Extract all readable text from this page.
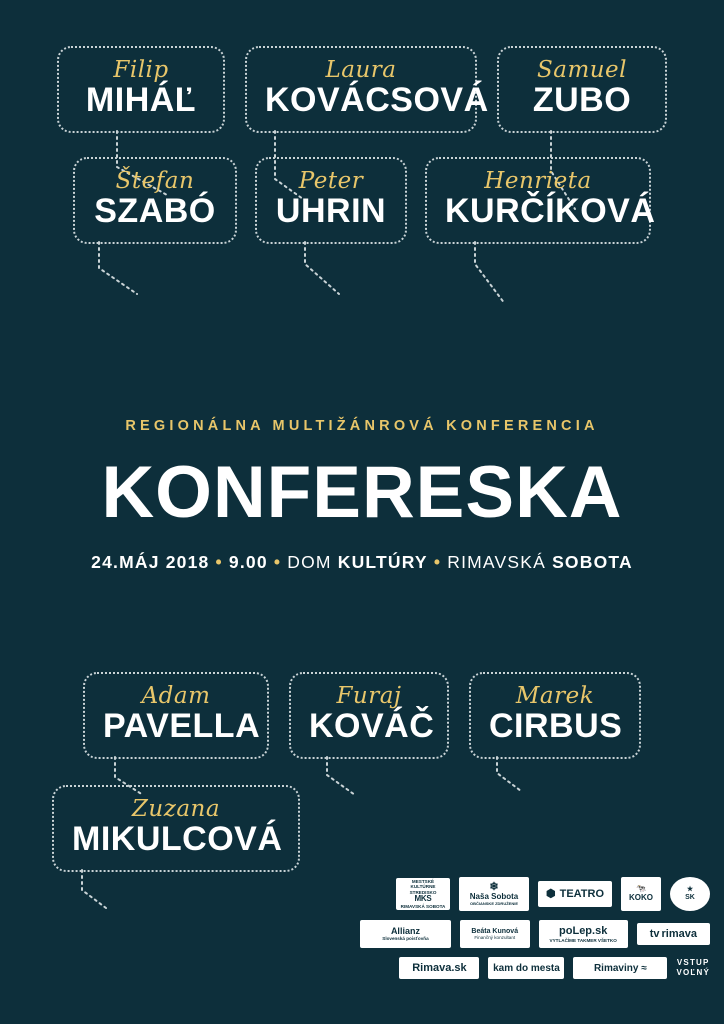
Filip
MIHÁĽ
Laura
KOVÁCSOVÁ
Samuel
ZUBO
Štefan
SZABÓ
Peter
UHRIN
Henrieta
KURČÍKOVÁ
REGIONÁLNA MULTIŽÁNROVÁ KONFERENCIA
KONFERESKA
24.MÁJ 2018 • 9.00 • DOM KULTÚRY • RIMAVSKÁ SOBOTA
Adam
PAVELLA
Furaj
KOVÁČ
Marek
CIRBUS
Zuzana
MIKULCOVÁ
MESTSKÉ KULTÚRNE STREDISKO
MKS
RIMAVSKÁ SOBOTA
❄
Naša Sobota
OBČIANSKE ZDRUŽENIE
⬢ TEATRO	🐄
KOKO
★
SK
Allianz
Slovenská poisťovňa
Beáta Kunová
Finančný konzultant
poLep.sk
VYTLAČÍME TAKMER VŠETKO
tv rimava
Rimava.sk	kam do mesta	Rimaviny ≈
VSTUP
VOĽNÝ
